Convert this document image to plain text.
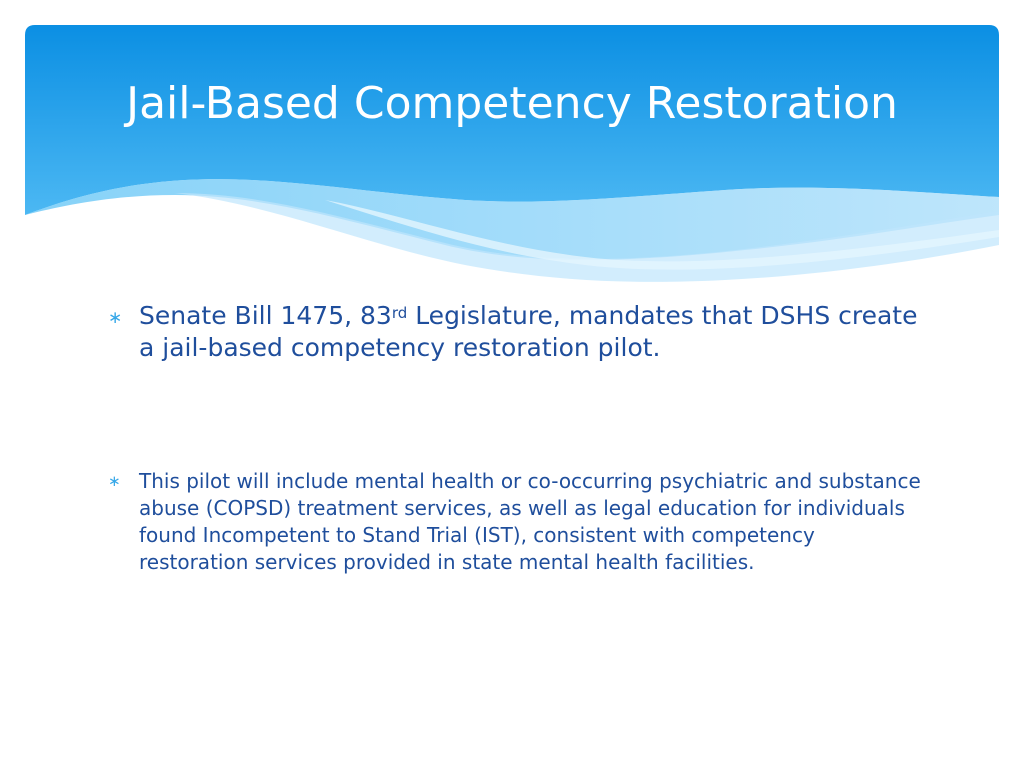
Jail-Based Competency Restoration
∗ Senate Bill 1475, 83rd Legislature, mandates that DSHS create a jail-based competency restoration pilot.
∗ This pilot will include mental health or co-occurring psychiatric and substance abuse (COPSD) treatment services, as well as legal education for individuals found Incompetent to Stand Trial (IST), consistent with competency restoration services provided in state mental health facilities.
